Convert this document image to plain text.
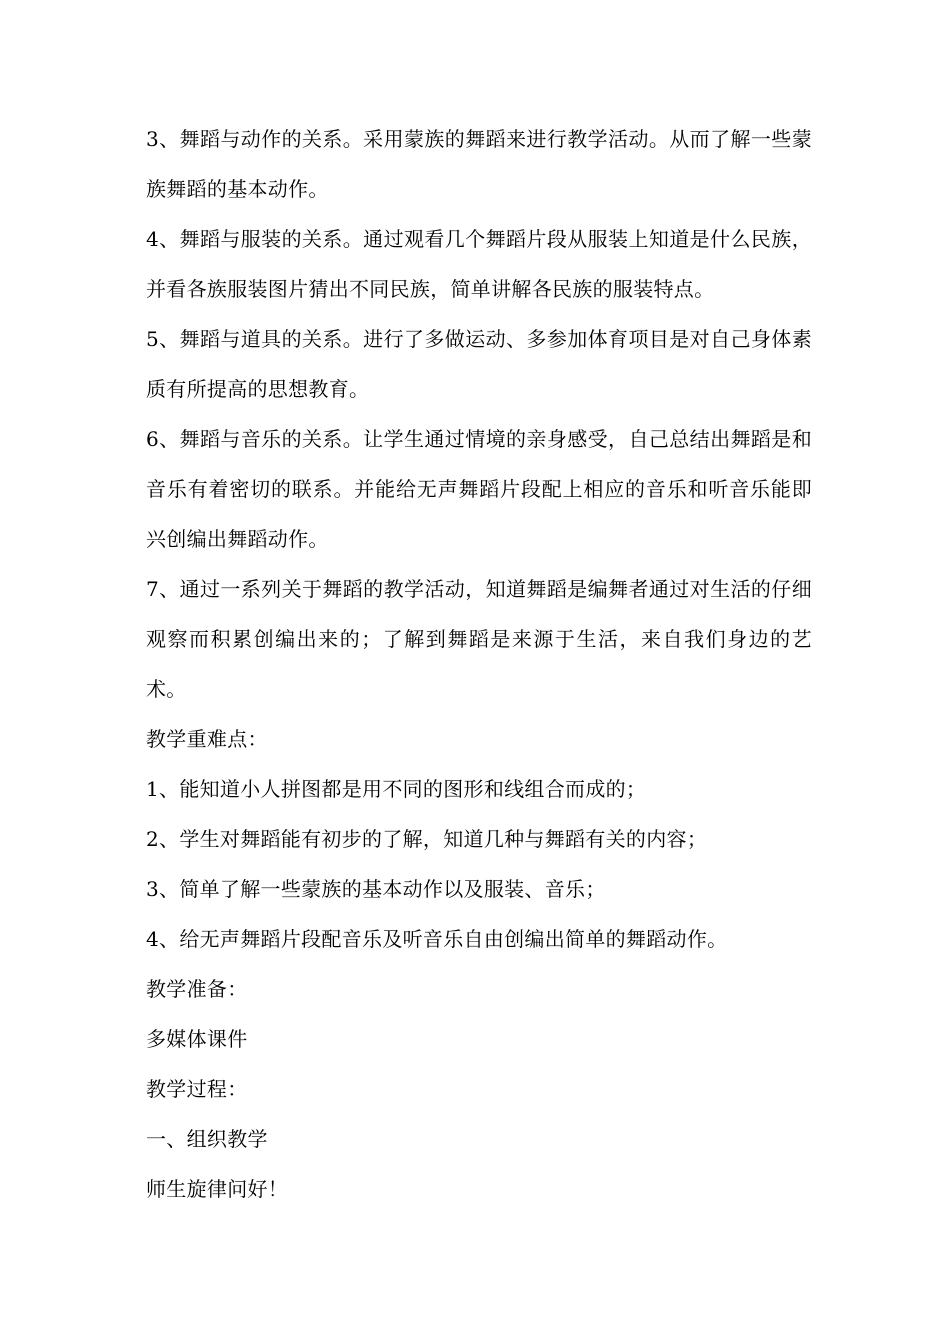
3、舞蹈与动作的关系。采用蒙族的舞蹈来进行教学活动。从而了解一些蒙族舞蹈的基本动作。

4、舞蹈与服装的关系。通过观看几个舞蹈片段从服装上知道是什么民族，并看各族服装图片猜出不同民族，简单讲解各民族的服装特点。

5、舞蹈与道具的关系。进行了多做运动、多参加体育项目是对自己身体素质有所提高的思想教育。

6、舞蹈与音乐的关系。让学生通过情境的亲身感受，自己总结出舞蹈是和音乐有着密切的联系。并能给无声舞蹈片段配上相应的音乐和听音乐能即兴创编出舞蹈动作。

7、通过一系列关于舞蹈的教学活动，知道舞蹈是编舞者通过对生活的仔细观察而积累创编出来的；了解到舞蹈是来源于生活，来自我们身边的艺术。

教学重难点：

1、能知道小人拼图都是用不同的图形和线组合而成的；

2、学生对舞蹈能有初步的了解，知道几种与舞蹈有关的内容；

3、简单了解一些蒙族的基本动作以及服装、音乐；

4、给无声舞蹈片段配音乐及听音乐自由创编出简单的舞蹈动作。

教学准备：

多媒体课件

教学过程：

一、组织教学

师生旋律问好！
